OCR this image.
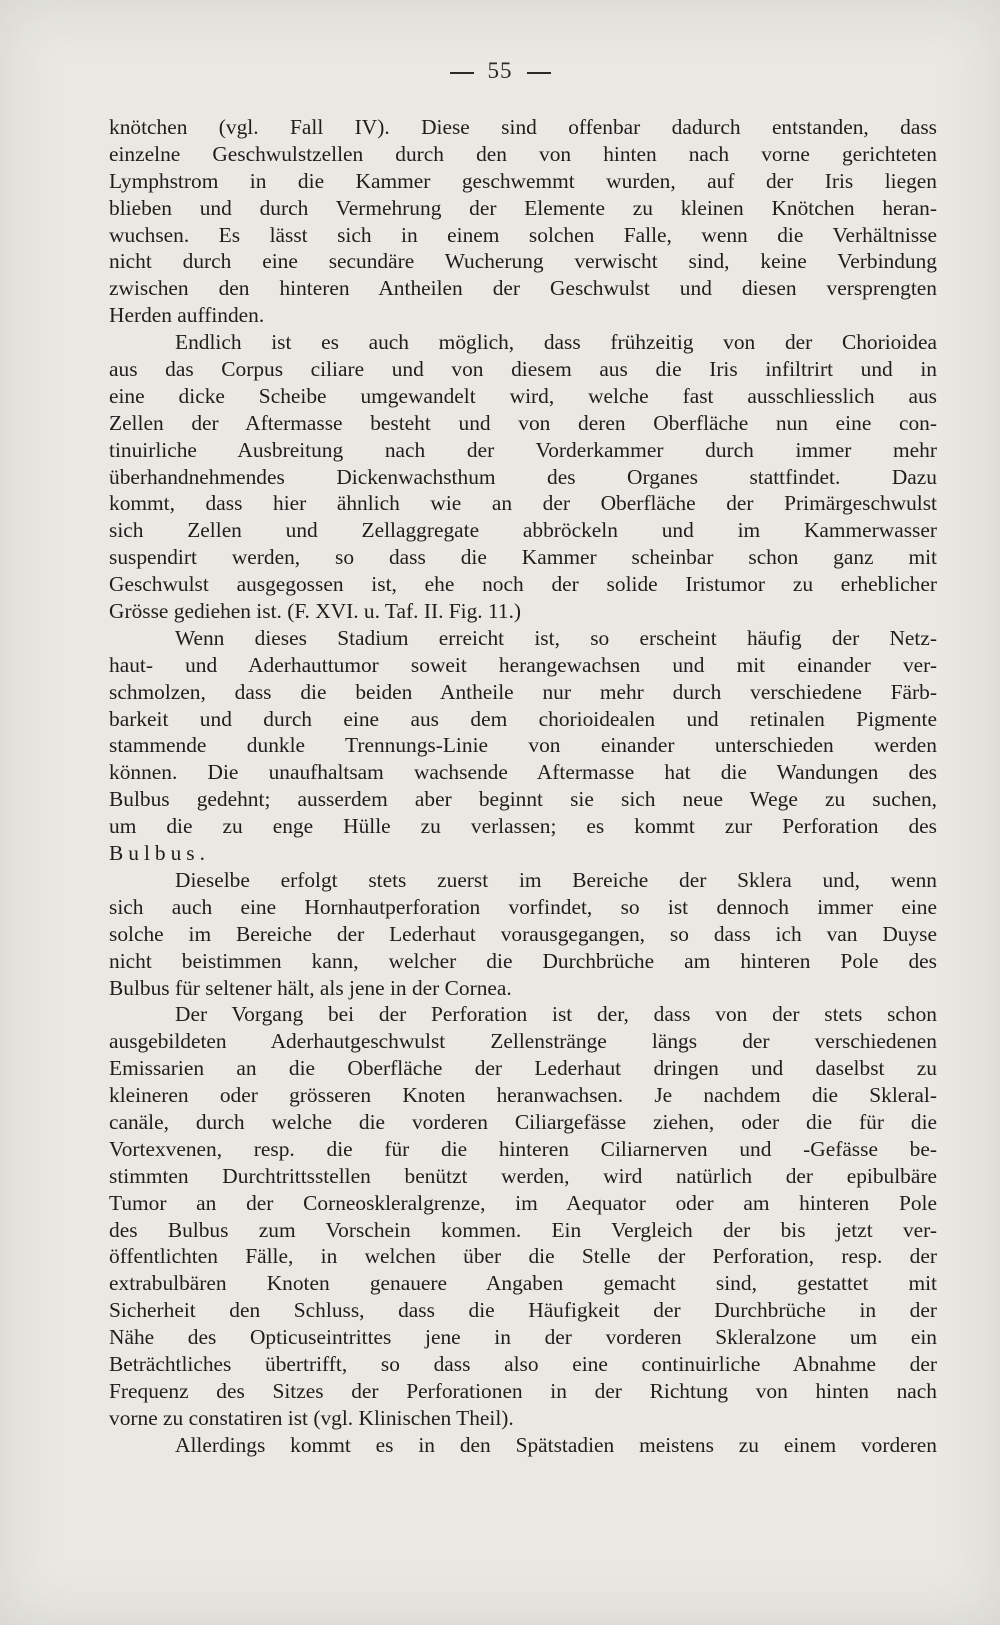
55
knötchen (vgl. Fall IV). Diese sind offenbar dadurch entstanden, dass
einzelne Geschwulstzellen durch den von hinten nach vorne gerichteten
Lymphstrom in die Kammer geschwemmt wurden, auf der Iris liegen
blieben und durch Vermehrung der Elemente zu kleinen Knötchen heran-
wuchsen. Es lässt sich in einem solchen Falle, wenn die Verhältnisse
nicht durch eine secundäre Wucherung verwischt sind, keine Verbindung
zwischen den hinteren Antheilen der Geschwulst und diesen versprengten
Herden auffinden.
Endlich ist es auch möglich, dass frühzeitig von der Chorioidea
aus das Corpus ciliare und von diesem aus die Iris infiltrirt und in
eine dicke Scheibe umgewandelt wird, welche fast ausschliesslich aus
Zellen der Aftermasse besteht und von deren Oberfläche nun eine con-
tinuirliche Ausbreitung nach der Vorderkammer durch immer mehr
überhandnehmendes Dickenwachsthum des Organes stattfindet. Dazu
kommt, dass hier ähnlich wie an der Oberfläche der Primärgeschwulst
sich Zellen und Zellaggregate abbröckeln und im Kammerwasser
suspendirt werden, so dass die Kammer scheinbar schon ganz mit
Geschwulst ausgegossen ist, ehe noch der solide Iristumor zu erheblicher
Grösse gediehen ist. (F. XVI. u. Taf. II. Fig. 11.)
Wenn dieses Stadium erreicht ist, so erscheint häufig der Netz-
haut- und Aderhauttumor soweit herangewachsen und mit einander ver-
schmolzen, dass die beiden Antheile nur mehr durch verschiedene Färb-
barkeit und durch eine aus dem chorioidealen und retinalen Pigmente
stammende dunkle Trennungs-Linie von einander unterschieden werden
können. Die unaufhaltsam wachsende Aftermasse hat die Wandungen des
Bulbus gedehnt; ausserdem aber beginnt sie sich neue Wege zu suchen,
um die zu enge Hülle zu verlassen; es kommt zur Perforation des
Bulbus.
Dieselbe erfolgt stets zuerst im Bereiche der Sklera und, wenn
sich auch eine Hornhautperforation vorfindet, so ist dennoch immer eine
solche im Bereiche der Lederhaut vorausgegangen, so dass ich van Duyse
nicht beistimmen kann, welcher die Durchbrüche am hinteren Pole des
Bulbus für seltener hält, als jene in der Cornea.
Der Vorgang bei der Perforation ist der, dass von der stets schon
ausgebildeten Aderhautgeschwulst Zellenstränge längs der verschiedenen
Emissarien an die Oberfläche der Lederhaut dringen und daselbst zu
kleineren oder grösseren Knoten heranwachsen. Je nachdem die Skleral-
canäle, durch welche die vorderen Ciliargefässe ziehen, oder die für die
Vortexvenen, resp. die für die hinteren Ciliarnerven und -Gefässe be-
stimmten Durchtrittsstellen benützt werden, wird natürlich der epibulbäre
Tumor an der Corneoskleralgrenze, im Aequator oder am hinteren Pole
des Bulbus zum Vorschein kommen. Ein Vergleich der bis jetzt ver-
öffentlichten Fälle, in welchen über die Stelle der Perforation, resp. der
extrabulbären Knoten genauere Angaben gemacht sind, gestattet mit
Sicherheit den Schluss, dass die Häufigkeit der Durchbrüche in der
Nähe des Opticuseintrittes jene in der vorderen Skleralzone um ein
Beträchtliches übertrifft, so dass also eine continuirliche Abnahme der
Frequenz des Sitzes der Perforationen in der Richtung von hinten nach
vorne zu constatiren ist (vgl. Klinischen Theil).
Allerdings kommt es in den Spätstadien meistens zu einem vorderen
